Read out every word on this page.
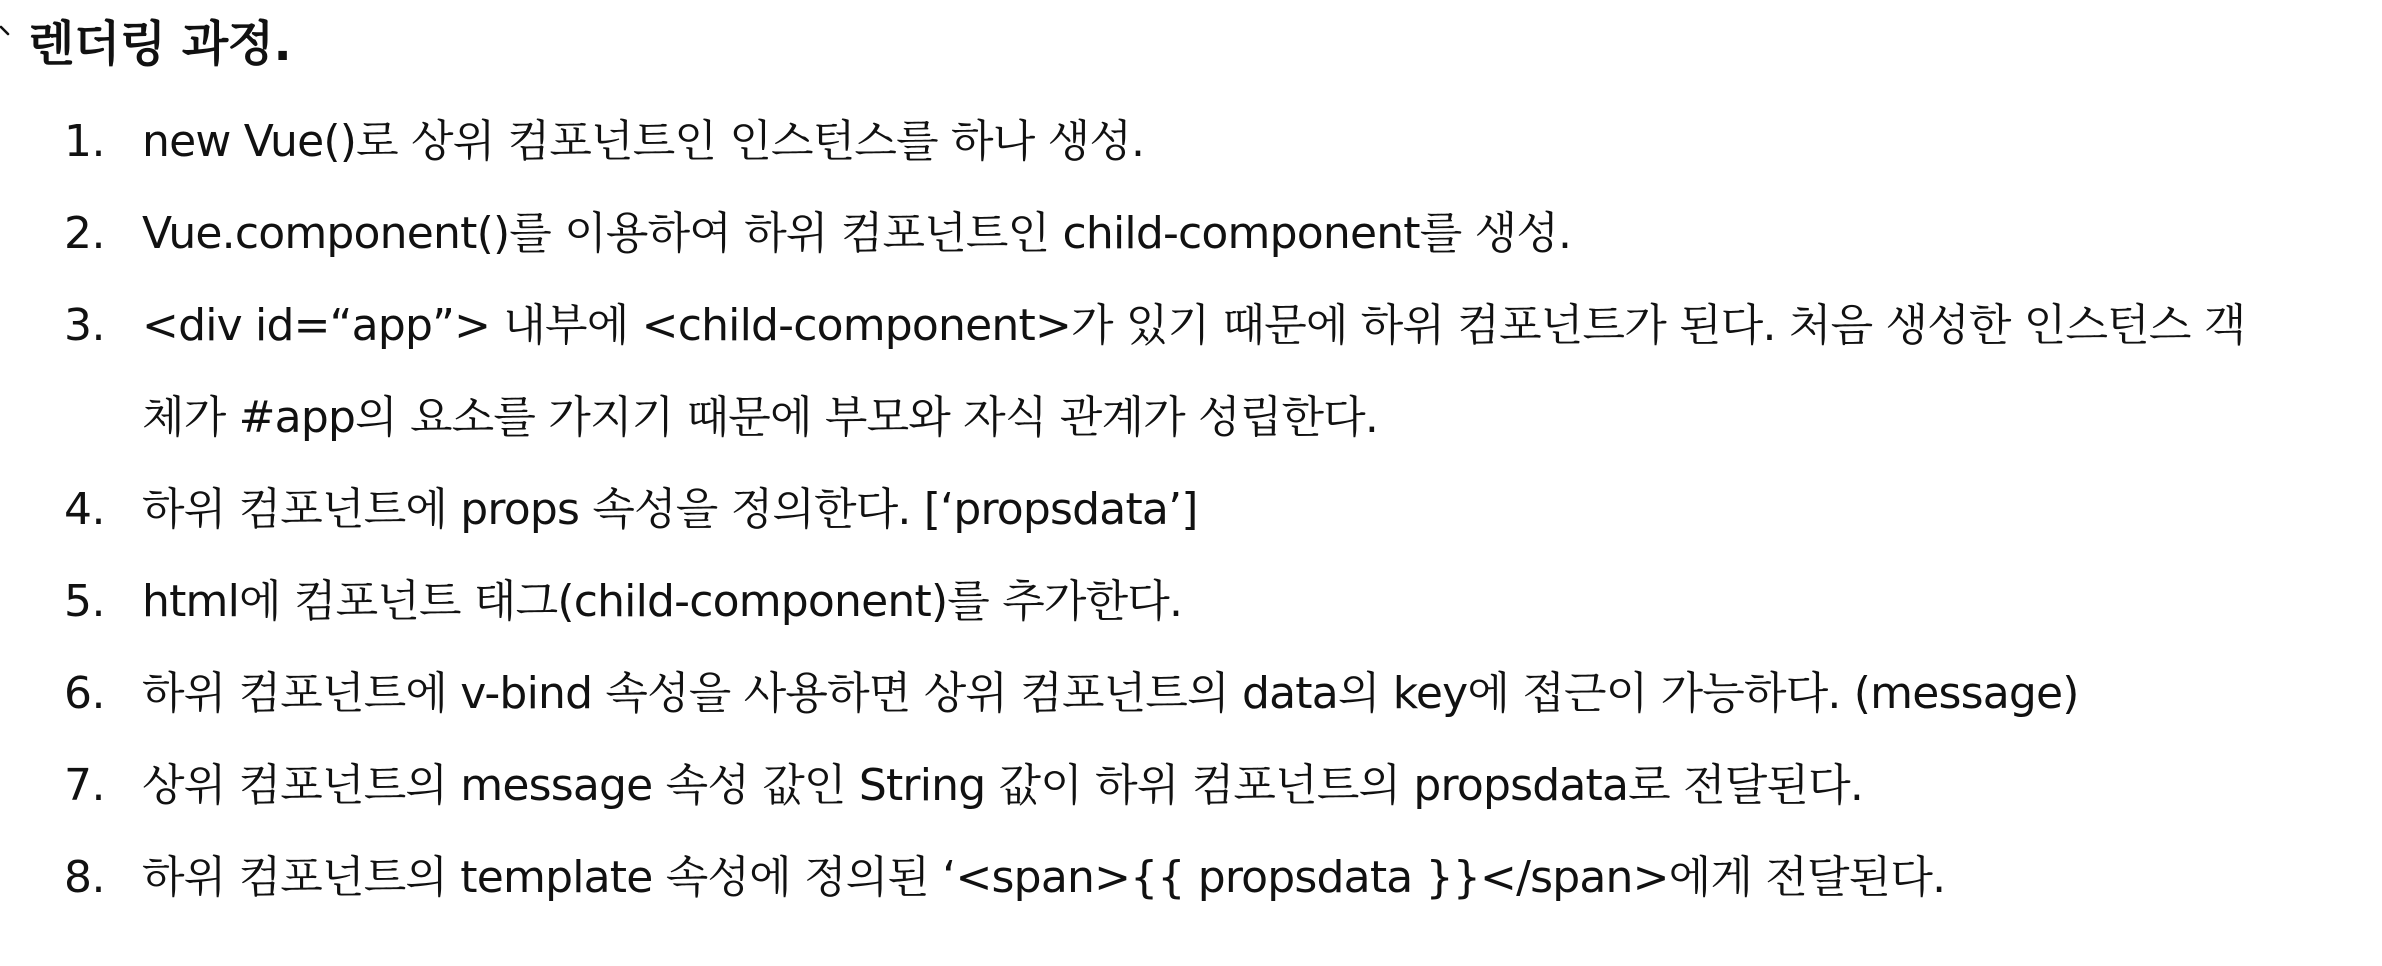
렌더링 과정.
1. new Vue()로 상위 컴포넌트인 인스턴스를 하나 생성.
2. Vue.component()를 이용하여 하위 컴포넌트인 child-component를 생성.
3. <div id=“app”> 내부에 <child-component>가 있기 때문에 하위 컴포넌트가 된다. 처음 생성한 인스턴스 객
체가 #app의 요소를 가지기 때문에 부모와 자식 관계가 성립한다.
4. 하위 컴포넌트에 props 속성을 정의한다. [‘propsdata’]
5. html에 컴포넌트 태그(child-component)를 추가한다.
6. 하위 컴포넌트에 v-bind 속성을 사용하면 상위 컴포넌트의 data의 key에 접근이 가능하다. (message)
7. 상위 컴포넌트의 message 속성 값인 String 값이 하위 컴포넌트의 propsdata로 전달된다.
8. 하위 컴포넌트의 template 속성에 정의된 ‘<span>{{ propsdata }}</span>에게 전달된다.
